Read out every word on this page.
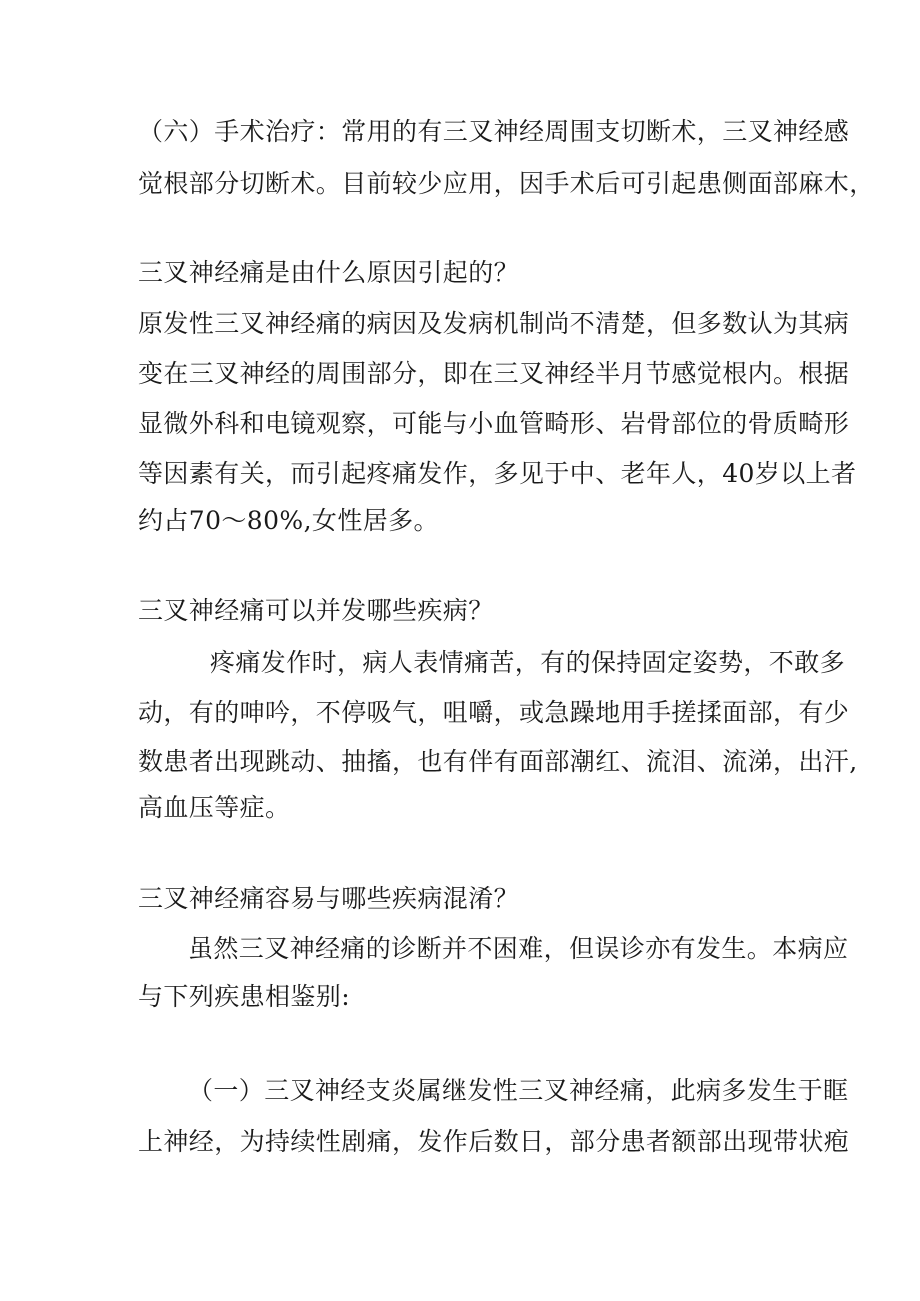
（六）手术治疗：常用的有三叉神经周围支切断术，三叉神经感

觉根部分切断术。目前较少应用，因手术后可引起患侧面部麻木，

三叉神经痛是由什么原因引起的？

原发性三叉神经痛的病因及发病机制尚不清楚，但多数认为其病

变在三叉神经的周围部分，即在三叉神经半月节感觉根内。根据

显微外科和电镜观察，可能与小血管畸形、岩骨部位的骨质畸形

等因素有关，而引起疼痛发作，多见于中、老年人，40岁以上者

约占70～80%,女性居多。

三叉神经痛可以并发哪些疾病？

疼痛发作时，病人表情痛苦，有的保持固定姿势，不敢多

动，有的呻吟，不停吸气，咀嚼，或急躁地用手搓揉面部，有少

数患者出现跳动、抽搐，也有伴有面部潮红、流泪、流涕，出汗,

高血压等症。

三叉神经痛容易与哪些疾病混淆？

虽然三叉神经痛的诊断并不困难，但误诊亦有发生。本病应

与下列疾患相鉴别:

（一）三叉神经支炎属继发性三叉神经痛，此病多发生于眶

上神经，为持续性剧痛，发作后数日，部分患者额部出现带状疱
